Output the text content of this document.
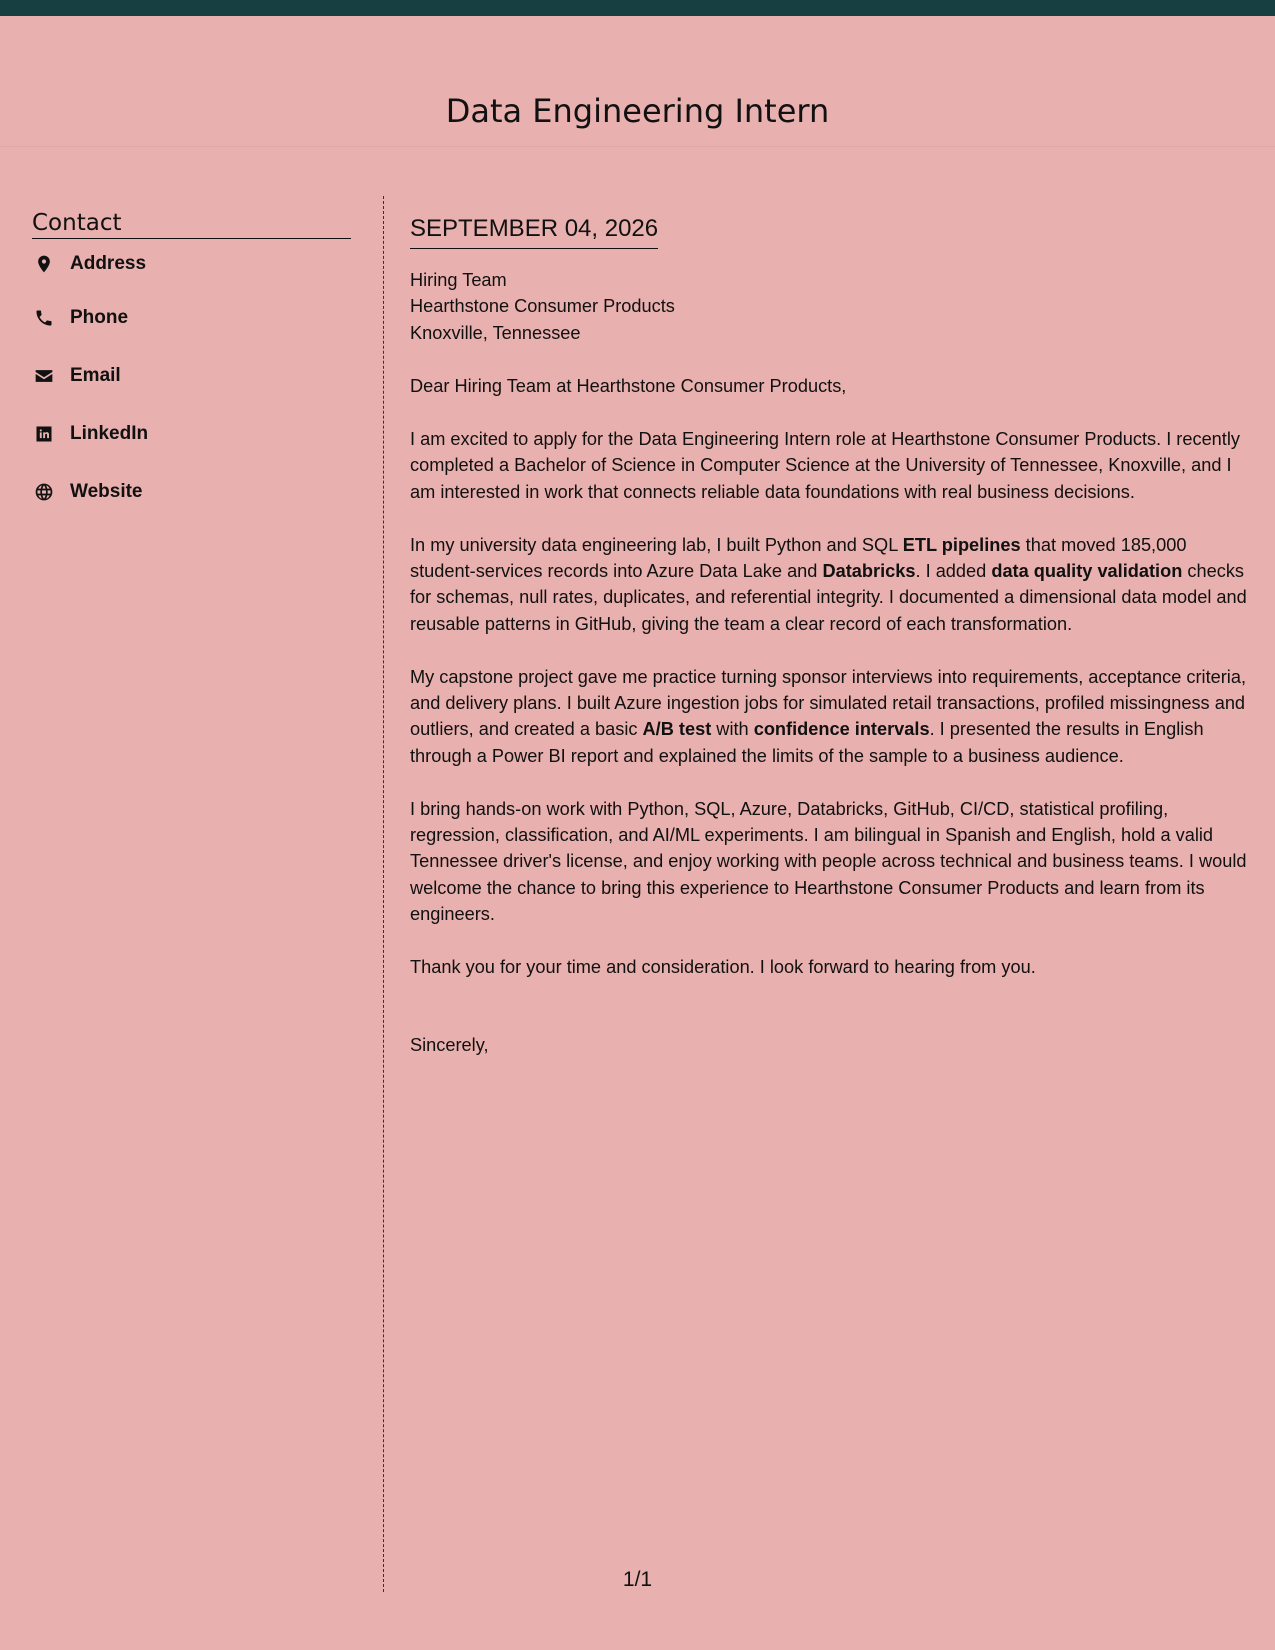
Data Engineering Intern
Contact
Address
Phone
Email
LinkedIn
Website
SEPTEMBER 04, 2026
Hiring Team
Hearthstone Consumer Products
Knoxville, Tennessee

Dear Hiring Team at Hearthstone Consumer Products,

I am excited to apply for the Data Engineering Intern role at Hearthstone Consumer Products. I recently completed a Bachelor of Science in Computer Science at the University of Tennessee, Knoxville, and I am interested in work that connects reliable data foundations with real business decisions.

In my university data engineering lab, I built Python and SQL ETL pipelines that moved 185,000 student-services records into Azure Data Lake and Databricks. I added data quality validation checks for schemas, null rates, duplicates, and referential integrity. I documented a dimensional data model and reusable patterns in GitHub, giving the team a clear record of each transformation.

My capstone project gave me practice turning sponsor interviews into requirements, acceptance criteria, and delivery plans. I built Azure ingestion jobs for simulated retail transactions, profiled missingness and outliers, and created a basic A/B test with confidence intervals. I presented the results in English through a Power BI report and explained the limits of the sample to a business audience.

I bring hands-on work with Python, SQL, Azure, Databricks, GitHub, CI/CD, statistical profiling, regression, classification, and AI/ML experiments. I am bilingual in Spanish and English, hold a valid Tennessee driver's license, and enjoy working with people across technical and business teams. I would welcome the chance to bring this experience to Hearthstone Consumer Products and learn from its engineers.

Thank you for your time and consideration. I look forward to hearing from you.

Sincerely,

1/1
